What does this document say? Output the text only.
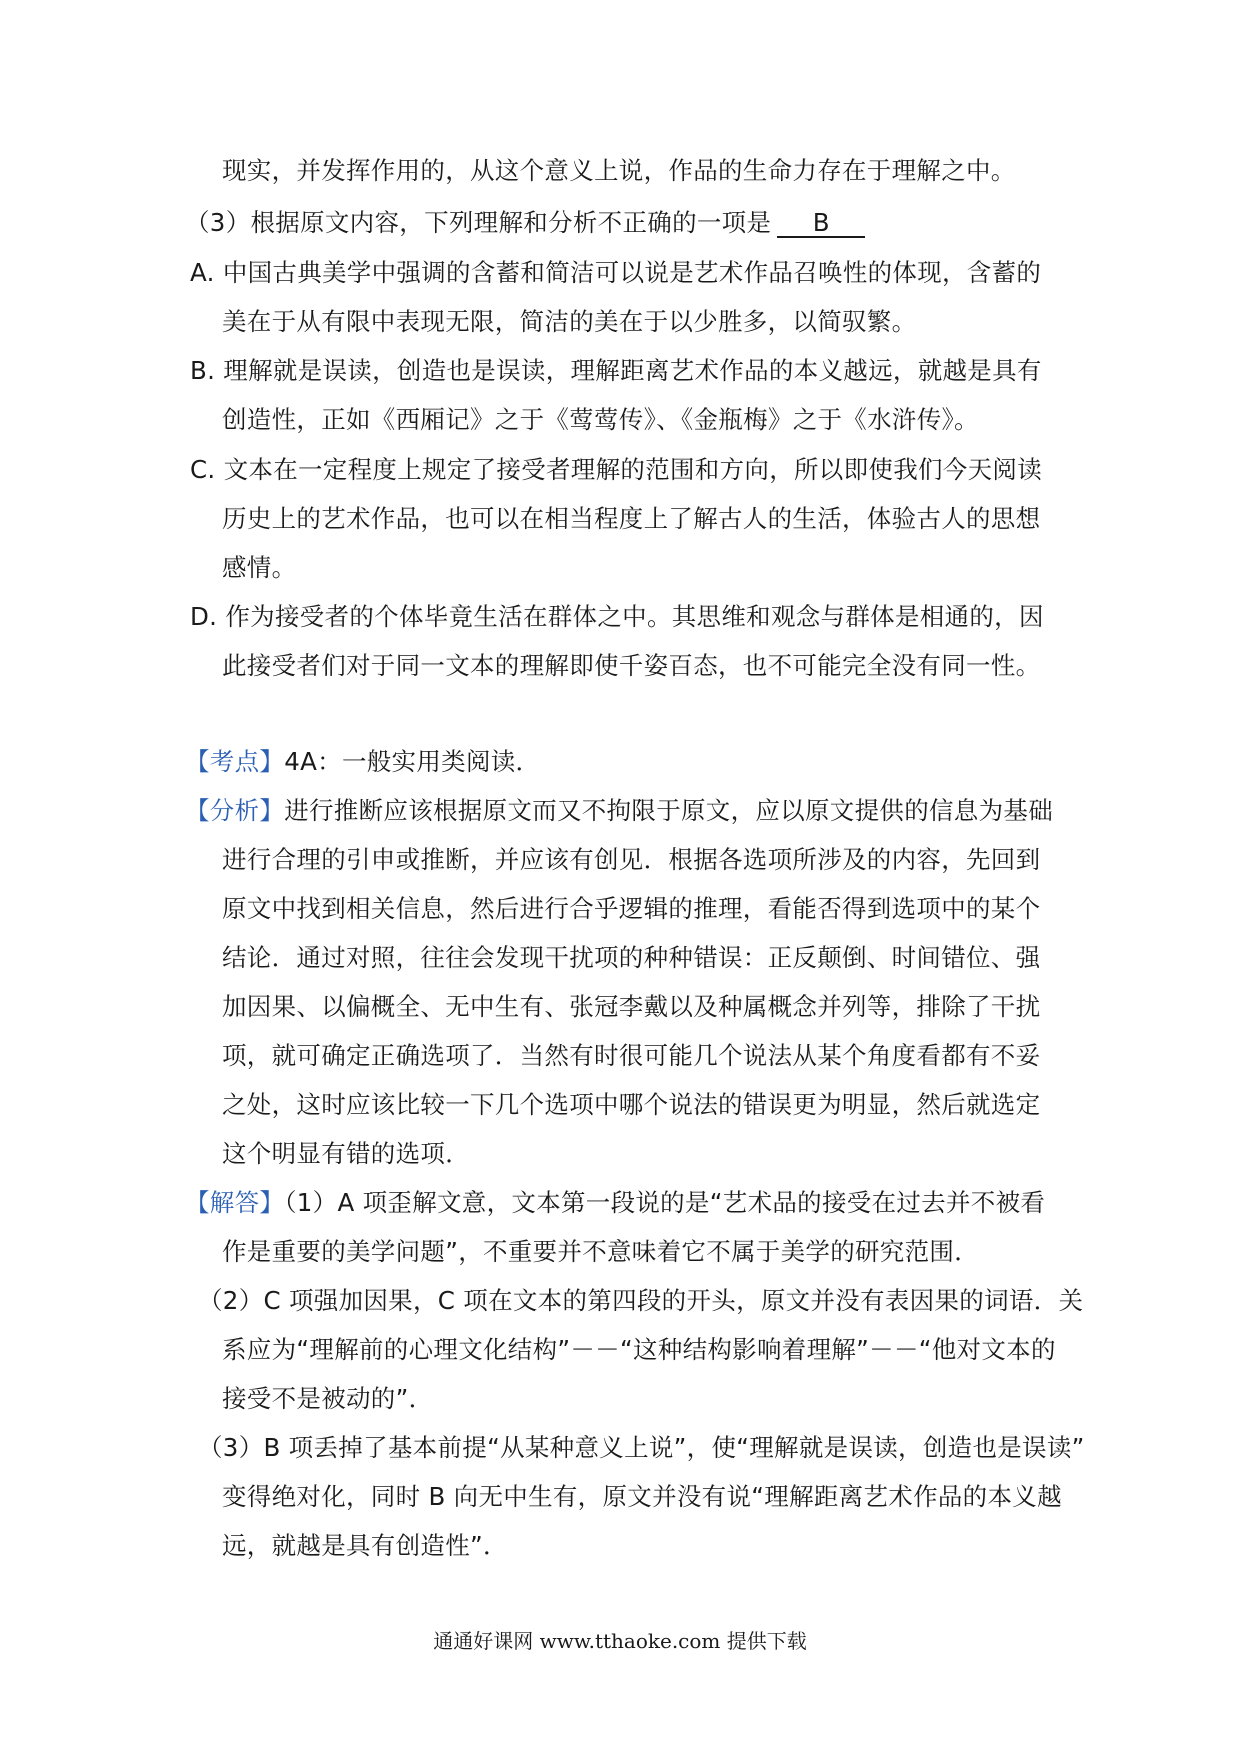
现实，并发挥作用的，从这个意义上说，作品的生命力存在于理解之中。
（3）根据原文内容，下列理解和分析不正确的一项是 B
A. 中国古典美学中强调的含蓄和简洁可以说是艺术作品召唤性的体现，含蓄的
美在于从有限中表现无限，简洁的美在于以少胜多，以简驭繁。
B. 理解就是误读，创造也是误读，理解距离艺术作品的本义越远，就越是具有
创造性，正如《西厢记》之于《莺莺传》、《金瓶梅》之于《水浒传》。
C. 文本在一定程度上规定了接受者理解的范围和方向，所以即使我们今天阅读
历史上的艺术作品，也可以在相当程度上了解古人的生活，体验古人的思想
感情。
D. 作为接受者的个体毕竟生活在群体之中。其思维和观念与群体是相通的，因
此接受者们对于同一文本的理解即使千姿百态，也不可能完全没有同一性。
【考点】4A：一般实用类阅读．
【分析】进行推断应该根据原文而又不拘限于原文，应以原文提供的信息为基础
进行合理的引申或推断，并应该有创见．根据各选项所涉及的内容，先回到
原文中找到相关信息，然后进行合乎逻辑的推理，看能否得到选项中的某个
结论．通过对照，往往会发现干扰项的种种错误：正反颠倒、时间错位、强
加因果、以偏概全、无中生有、张冠李戴以及种属概念并列等，排除了干扰
项，就可确定正确选项了．当然有时很可能几个说法从某个角度看都有不妥
之处，这时应该比较一下几个选项中哪个说法的错误更为明显，然后就选定
这个明显有错的选项．
【解答】（1）A 项歪解文意，文本第一段说的是“艺术品的接受在过去并不被看
作是重要的美学问题”，不重要并不意味着它不属于美学的研究范围．
（2）C 项强加因果，C 项在文本的第四段的开头，原文并没有表因果的词语．关
系应为“理解前的心理文化结构”－－“这种结构影响着理解”－－“他对文本的
接受不是被动的”．
（3）B 项丢掉了基本前提“从某种意义上说”，使“理解就是误读，创造也是误读”
变得绝对化，同时 B 向无中生有，原文并没有说“理解距离艺术作品的本义越
远，就越是具有创造性”．
通通好课网 www.tthaoke.com 提供下载
